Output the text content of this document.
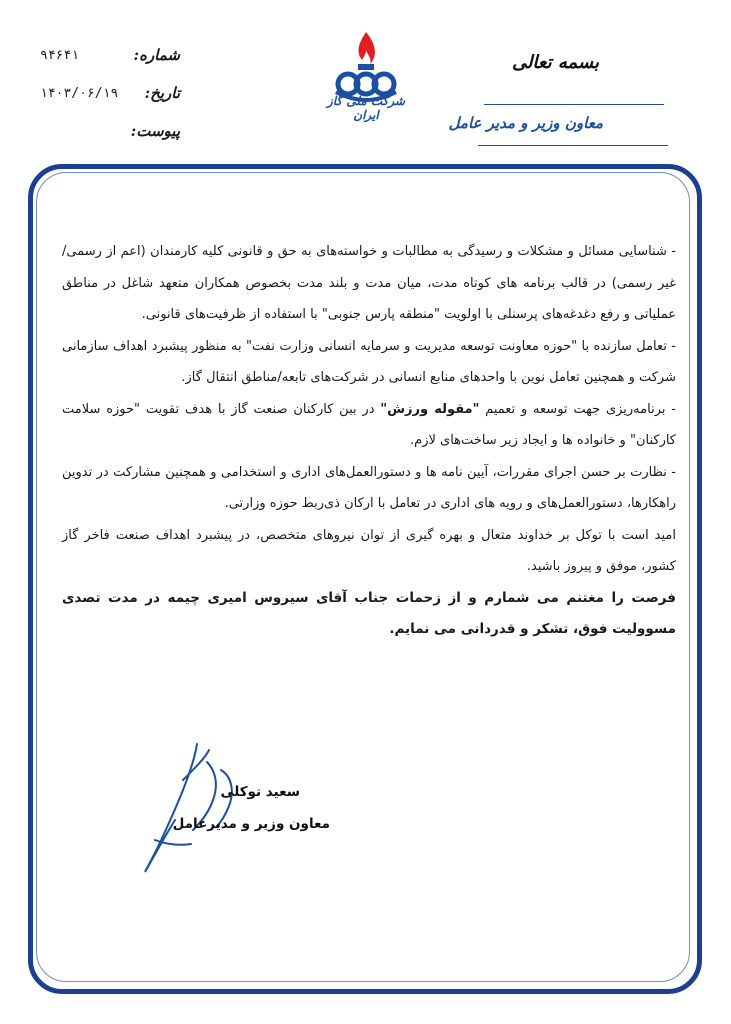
۹۴۶۴۱	شماره:
۱۴۰۳/۰۶/۱۹ تاریخ:
پیوست:
شرکت ملی گاز ایران
بسمه تعالی
معاون وزیر و مدیر عامل

- شناسایی مسائل و مشکلات و رسیدگی به مطالبات و خواسته‌های به حق و قانونی کلیه کارمندان (اعم از رسمی/غیر رسمی) در قالب برنامه های کوتاه مدت، میان مدت و بلند مدت بخصوص همکاران متعهد شاغل در مناطق عملیاتی و رفع دغدغه‌های پرسنلی با اولویت "منطقه پارس جنوبی" با استفاده از ظرفیت‌های قانونی.

- تعامل سازنده با "حوزه معاونت توسعه مدیریت و سرمایه انسانی وزارت نفت" به منظور پیشبرد اهداف سازمانی شرکت و همچنین تعامل نوین با واحدهای منابع انسانی در شرکت‌های تابعه/مناطق انتقال گاز.

- برنامه‌ریزی جهت توسعه و تعمیم "مقوله ورزش" در بین کارکنان صنعت گاز با هدف تقویت "حوزه سلامت کارکنان" و خانواده ها و ایجاد زیر ساخت‌های لازم.

- نظارت بر حسن اجرای مقررات، آیین نامه ها و دستورالعمل‌های اداری و استخدامی و همچنین مشارکت در تدوین راهکارها، دستورالعمل‌های و رویه های اداری در تعامل با ارکان ذی‌ربط حوزه وزارتی.

امید است با توکل بر خداوند متعال و بهره گیری از توان نیروهای متخصص، در پیشبرد اهداف صنعت فاخر گاز کشور، موفق و پیروز باشید.

فرصت را مغتنم می شمارم و از زحمات جناب آقای سیروس امیری چیمه در مدت تصدی مسوولیت فوق، تشکر و قدردانی می نمایم.

سعید توکلی
معاون وزیر و مدیرعامل
